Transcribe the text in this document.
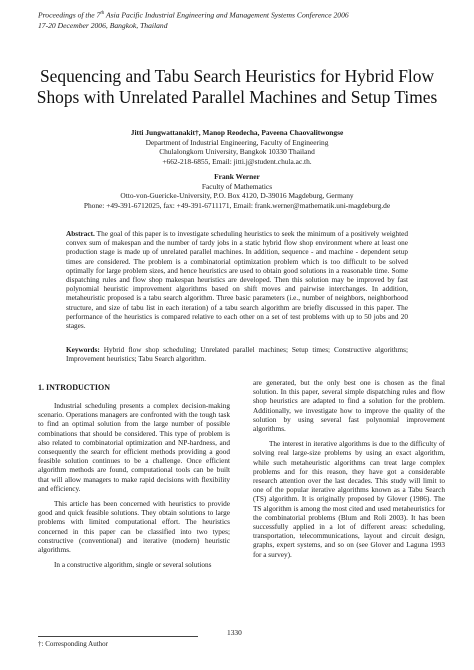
Proceedings of the 7th Asia Pacific Industrial Engineering and Management Systems Conference 2006
17-20 December 2006, Bangkok, Thailand
Sequencing and Tabu Search Heuristics for Hybrid Flow Shops with Unrelated Parallel Machines and Setup Times
Jitti Jungwattanakit†, Manop Reodecha, Paveena Chaovalitwongse
Department of Industrial Engineering, Faculty of Engineering
Chulalongkorn University, Bangkok 10330 Thailand
+662-218-6855, Email: jitti.j@student.chula.ac.th.
Frank Werner
Faculty of Mathematics
Otto-von-Guericke-University, P.O. Box 4120, D-39016 Magdeburg, Germany
Phone: +49-391-6712025, fax: +49-391-6711171, Email: frank.werner@mathematik.uni-magdeburg.de
Abstract. The goal of this paper is to investigate scheduling heuristics to seek the minimum of a positively weighted convex sum of makespan and the number of tardy jobs in a static hybrid flow shop environment where at least one production stage is made up of unrelated parallel machines. In addition, sequence - and machine - dependent setup times are considered. The problem is a combinatorial optimization problem which is too difficult to be solved optimally for large problem sizes, and hence heuristics are used to obtain good solutions in a reasonable time. Some dispatching rules and flow shop makespan heuristics are developed. Then this solution may be improved by fast polynomial heuristic improvement algorithms based on shift moves and pairwise interchanges. In addition, metaheuristic proposed is a tabu search algorithm. Three basic parameters (i.e., number of neighbors, neighborhood structure, and size of tabu list in each iteration) of a tabu search algorithm are briefly discussed in this paper. The performance of the heuristics is compared relative to each other on a set of test problems with up to 50 jobs and 20 stages.
Keywords: Hybrid flow shop scheduling; Unrelated parallel machines; Setup times; Constructive algorithms; Improvement heuristics; Tabu Search algorithm.
1. INTRODUCTION

Industrial scheduling presents a complex decision-making scenario. Operations managers are confronted with the tough task to find an optimal solution from the large number of possible combinations that should be considered. This type of problem is also related to combinatorial optimization and NP-hardness, and consequently the search for efficient methods providing a good feasible solution continues to be a challenge. Once efficient algorithm methods are found, computational tools can be built that will allow managers to make rapid decisions with flexibility and efficiency.

This article has been concerned with heuristics to provide good and quick feasible solutions. They obtain solutions to large problems with limited computational effort. The heuristics concerned in this paper can be classified into two types; constructive (conventional) and iterative (modern) heuristic algorithms.

In a constructive algorithm, single or several solutions

are generated, but the only best one is chosen as the final solution. In this paper, several simple dispatching rules and flow shop heuristics are adapted to find a solution for the problem. Additionally, we investigate how to improve the quality of the solution by using several fast polynomial improvement algorithms.

The interest in iterative algorithms is due to the difficulty of solving real large-size problems by using an exact algorithm, while such metaheuristic algorithms can treat large complex problems and for this reason, they have got a considerable research attention over the last decades. This study will limit to one of the popular iterative algorithms known as a Tabu Search (TS) algorithm. It is originally proposed by Glover (1986). The TS algorithm is among the most cited and used metaheuristics for the combinatorial problems (Blum and Roli 2003). It has been successfully applied in a lot of different areas: scheduling, transportation, telecommunications, layout and circuit design, graphs, expert systems, and so on (see Glover and Laguna 1993 for a survey).

1330
†: Corresponding Author
